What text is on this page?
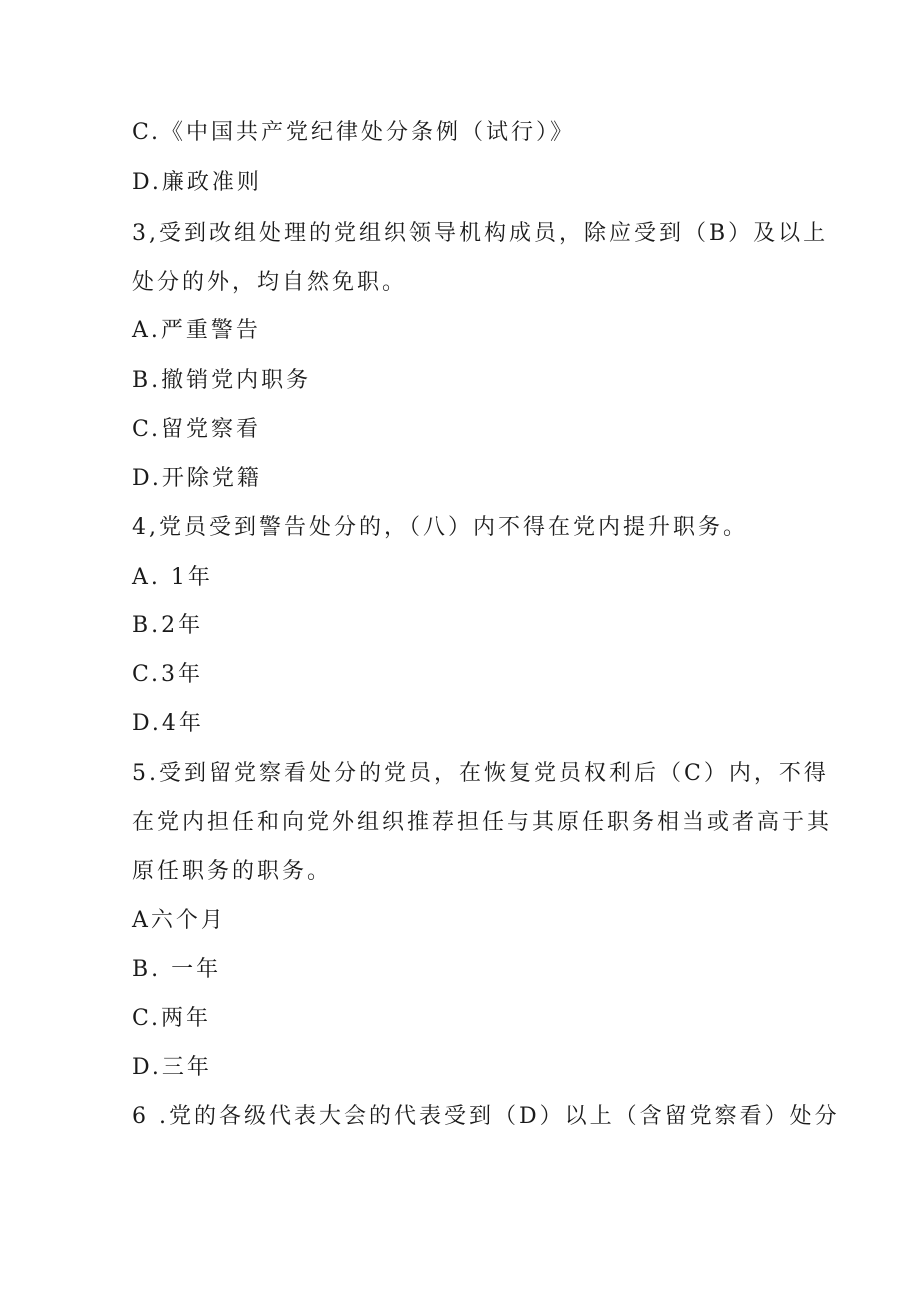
C.《中国共产党纪律处分条例（试行）》
D.廉政准则
3,受到改组处理的党组织领导机构成员，除应受到（B）及以上
处分的外，均自然免职。
A.严重警告
B.撤销党内职务
C.留党察看
D.开除党籍
4,党员受到警告处分的，（八）内不得在党内提升职务。
A. 1年
B.2年
C.3年
D.4年
5.受到留党察看处分的党员，在恢复党员权利后（C）内，不得
在党内担任和向党外组织推荐担任与其原任职务相当或者高于其
原任职务的职务。
A六个月
B. 一年
C.两年
D.三年
6 .党的各级代表大会的代表受到（D）以上（含留党察看）处分
